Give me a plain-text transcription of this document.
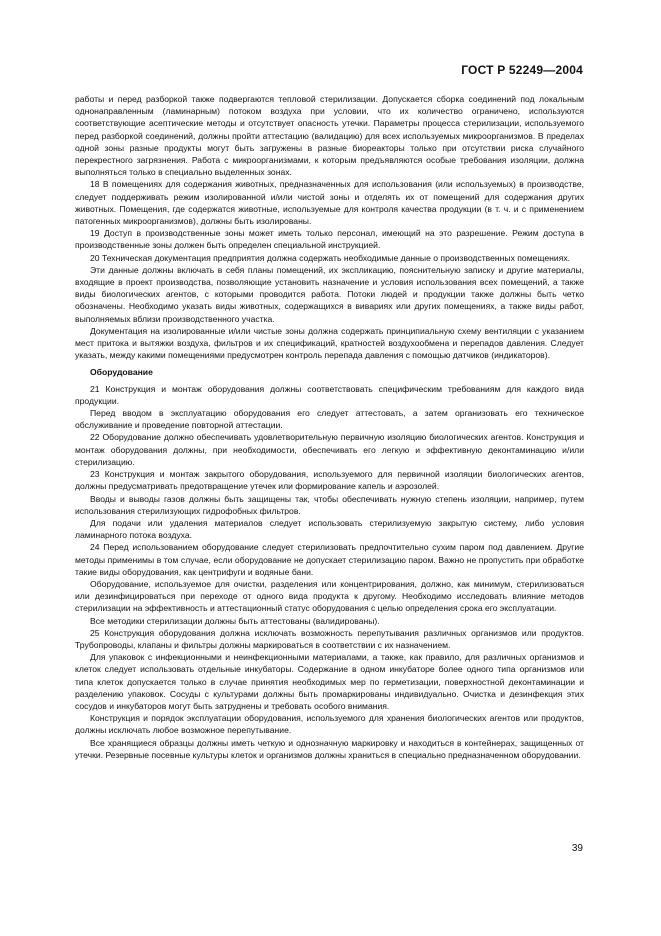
ГОСТ Р 52249—2004

работы и перед разборкой также подвергаются тепловой стерилизации. Допускается сборка соединений под локальным однонаправленным (ламинарным) потоком воздуха при условии, что их количество ограничено, используются соответствующие асептические методы и отсутствует опасность утечки. Параметры процесса стерилизации, используемого перед разборкой соединений, должны пройти аттестацию (валидацию) для всех используемых микроорганизмов. В пределах одной зоны разные продукты могут быть загружены в разные биореакторы только при отсутствии риска случайного перекрестного загрязнения. Работа с микроорганизмами, к которым предъявляются особые требования изоляции, должна выполняться только в специально выделенных зонах.

18 В помещениях для содержания животных, предназначенных для использования (или используемых) в производстве, следует поддерживать режим изолированной и/или чистой зоны и отделять их от помещений для содержания других животных. Помещения, где содержатся животные, используемые для контроля качества продукции (в т. ч. и с применением патогенных микроорганизмов), должны быть изолированы.

19 Доступ в производственные зоны может иметь только персонал, имеющий на это разрешение. Режим доступа в производственные зоны должен быть определен специальной инструкцией.

20 Техническая документация предприятия должна содержать необходимые данные о производственных помещениях.

Эти данные должны включать в себя планы помещений, их экспликацию, пояснительную записку и другие материалы, входящие в проект производства, позволяющие установить назначение и условия использования всех помещений, а также виды биологических агентов, с которыми проводится работа. Потоки людей и продукции также должны быть четко обозначены. Необходимо указать виды животных, содержащихся в вивариях или других помещениях, а также виды работ, выполняемых вблизи производственного участка.

Документация на изолированные и/или чистые зоны должна содержать принципиальную схему вентиляции с указанием мест притока и вытяжки воздуха, фильтров и их спецификаций, кратностей воздухообмена и перепадов давления. Следует указать, между какими помещениями предусмотрен контроль перепада давления с помощью датчиков (индикаторов).

Оборудование

21 Конструкция и монтаж оборудования должны соответствовать специфическим требованиям для каждого вида продукции.

Перед вводом в эксплуатацию оборудования его следует аттестовать, а затем организовать его техническое обслуживание и проведение повторной аттестации.

22 Оборудование должно обеспечивать удовлетворительную первичную изоляцию биологических агентов. Конструкция и монтаж оборудования должны, при необходимости, обеспечивать его легкую и эффективную деконтаминацию и/или стерилизацию.

23 Конструкция и монтаж закрытого оборудования, используемого для первичной изоляции биологических агентов, должны предусматривать предотвращение утечек или формирование капель и аэрозолей.

Вводы и выводы газов должны быть защищены так, чтобы обеспечивать нужную степень изоляции, например, путем использования стерилизующих гидрофобных фильтров.

Для подачи или удаления материалов следует использовать стерилизуемую закрытую систему, либо условия ламинарного потока воздуха.

24 Перед использованием оборудование следует стерилизовать предпочтительно сухим паром под давлением. Другие методы применимы в том случае, если оборудование не допускает стерилизацию паром. Важно не пропустить при обработке такие виды оборудования, как центрифуги и водяные бани.

Оборудование, используемое для очистки, разделения или концентрирования, должно, как минимум, стерилизоваться или дезинфицироваться при переходе от одного вида продукта к другому. Необходимо исследовать влияние методов стерилизации на эффективность и аттестационный статус оборудования с целью определения срока его эксплуатации.

Все методики стерилизации должны быть аттестованы (валидированы).

25 Конструкция оборудования должна исключать возможность перепутывания различных организмов или продуктов. Трубопроводы, клапаны и фильтры должны маркироваться в соответствии с их назначением.

Для упаковок с инфекционными и неинфекционными материалами, а также, как правило, для различных организмов и клеток следует использовать отдельные инкубаторы. Содержание в одном инкубаторе более одного типа организмов или типа клеток допускается только в случае принятия необходимых мер по герметизации, поверхностной деконтаминации и разделению упаковок. Сосуды с культурами должны быть промаркированы индивидуально. Очистка и дезинфекция этих сосудов и инкубаторов могут быть затруднены и требовать особого внимания.

Конструкция и порядок эксплуатации оборудования, используемого для хранения биологических агентов или продуктов, должны исключать любое возможное перепутывание.

Все хранящиеся образцы должны иметь четкую и однозначную маркировку и находиться в контейнерах, защищенных от утечки. Резервные посевные культуры клеток и организмов должны храниться в специально предназначенном оборудовании.

39
